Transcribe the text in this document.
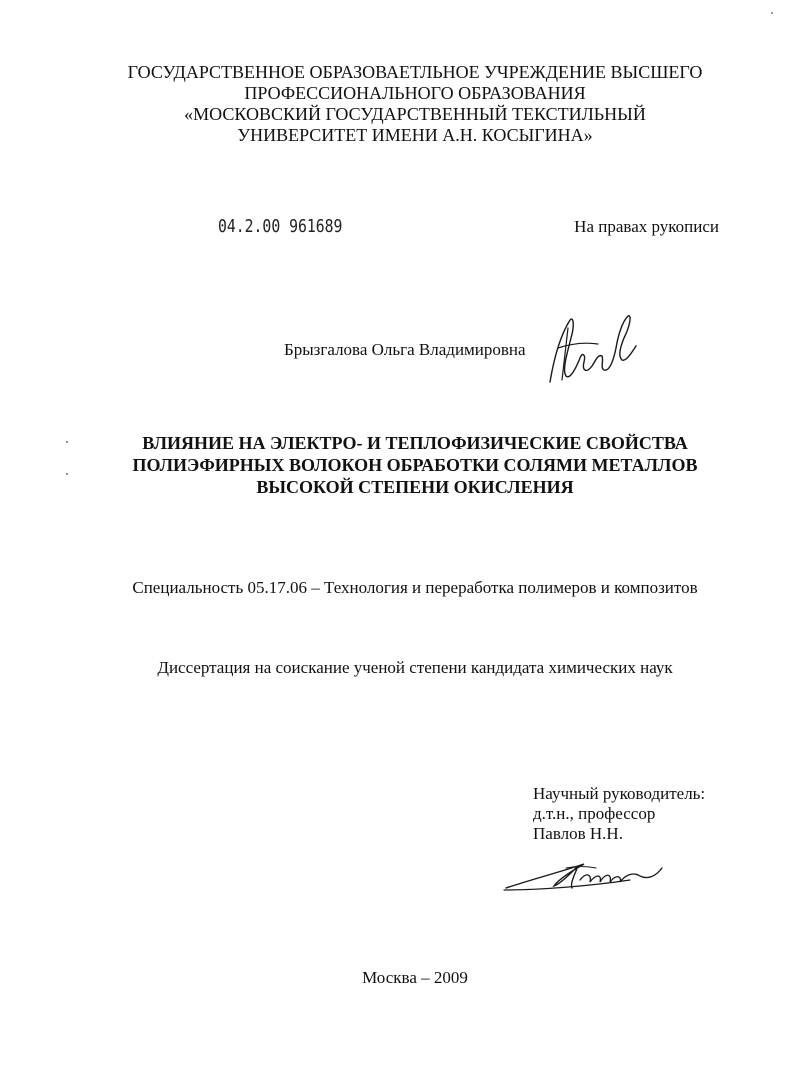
ГОСУДАРСТВЕННОЕ ОБРАЗОВАЕТЛЬНОЕ УЧРЕЖДЕНИЕ ВЫСШЕГО
ПРОФЕССИОНАЛЬНОГО ОБРАЗОВАНИЯ
«МОСКОВСКИЙ ГОСУДАРСТВЕННЫЙ ТЕКСТИЛЬНЫЙ
УНИВЕРСИТЕТ ИМЕНИ А.Н. КОСЫГИНА»
04.2.00 961689	На правах рукописи
Брызгалова Ольга Владимировна
ВЛИЯНИЕ НА ЭЛЕКТРО- И ТЕПЛОФИЗИЧЕСКИЕ СВОЙСТВА
ПОЛИЭФИРНЫХ ВОЛОКОН ОБРАБОТКИ СОЛЯМИ МЕТАЛЛОВ
ВЫСОКОЙ СТЕПЕНИ ОКИСЛЕНИЯ
Специальность 05.17.06 – Технология и переработка полимеров и композитов
Диссертация на соискание ученой степени кандидата химических наук
Научный руководитель:
д.т.н., профессор
Павлов Н.Н.
Москва – 2009
